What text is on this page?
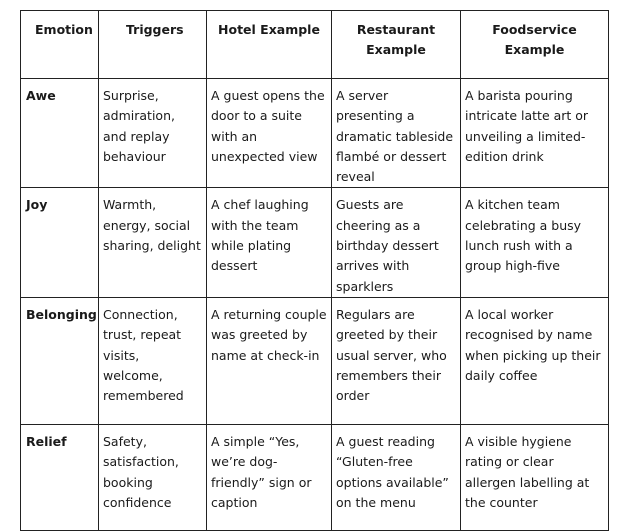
Emotion	Triggers	Hotel Example	Restaurant Example	Foodservice Example
Awe	Surprise, admiration, and replay behaviour	A guest opens the door to a suite with an unexpected view	A server presenting a dramatic tableside flambé or dessert reveal	A barista pouring intricate latte art or unveiling a limited-edition drink
Joy	Warmth, energy, social sharing, delight	A chef laughing with the team while plating dessert	Guests are cheering as a birthday dessert arrives with sparklers	A kitchen team celebrating a busy lunch rush with a group high-five
Belonging	Connection, trust, repeat visits, welcome, remembered	A returning couple was greeted by name at check-in	Regulars are greeted by their usual server, who remembers their order	A local worker recognised by name when picking up their daily coffee
Relief	Safety, satisfaction, booking confidence	A simple “Yes, we’re dog-friendly” sign or caption	A guest reading “Gluten-free options available” on the menu	A visible hygiene rating or clear allergen labelling at the counter
